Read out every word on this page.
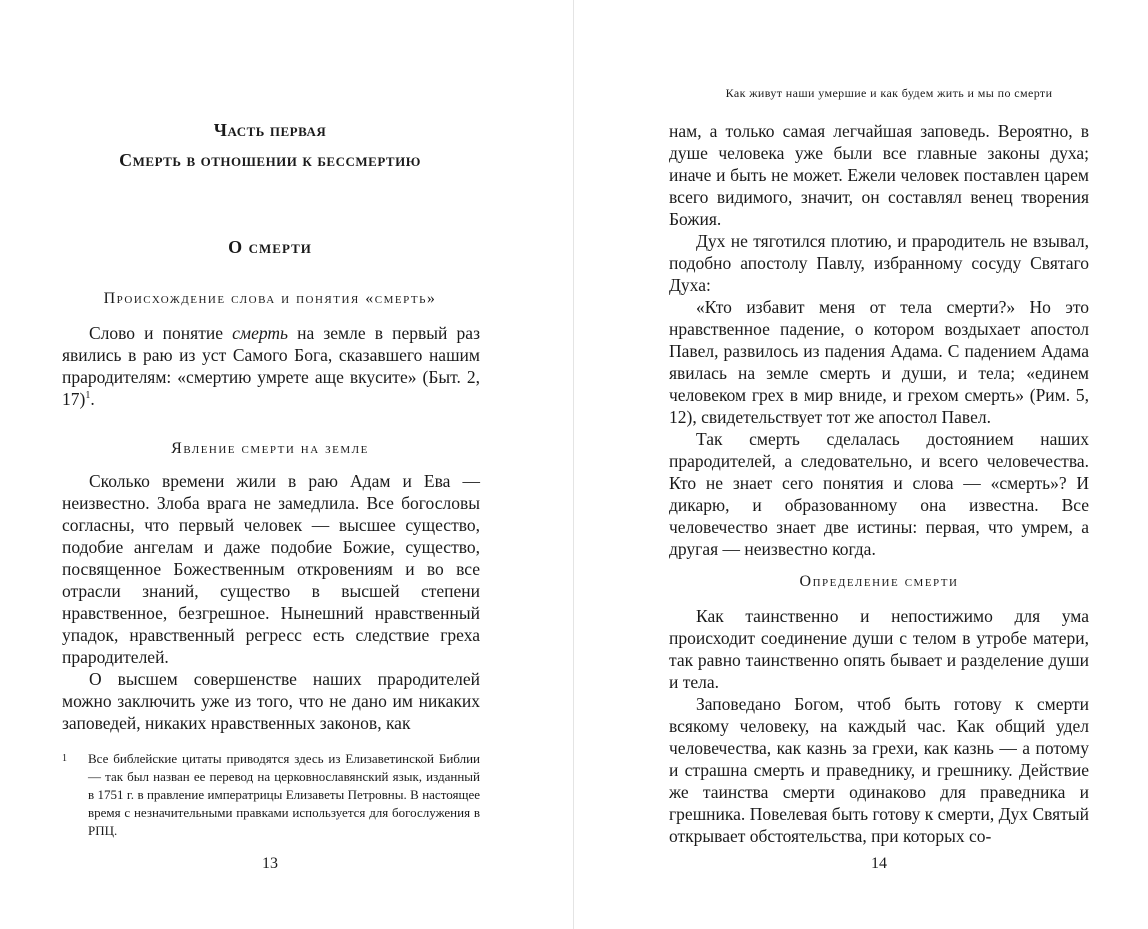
Часть первая
Смерть в отношении к бессмертию
О смерти
Происхождение слова и понятия «смерть»

Слово и понятие смерть на земле в первый раз явились в раю из уст Самого Бога, сказавшего нашим прародителям: «смертию умрете аще вкусите» (Быт. 2, 17)$^1$.

Явление смерти на земле

Сколько времени жили в раю Адам и Ева — неизвестно. Злоба врага не замедлила. Все богословы согласны, что первый человек — высшее существо, подобие ангелам и даже подобие Божие, существо, посвященное Божественным откровениям и во все отрасли знаний, существо в высшей степени нравственное, безгрешное. Нынешний нравственный упадок, нравственный регресс есть следствие греха прародителей.

О высшем совершенстве наших прародителей можно заключить уже из того, что не дано им никаких заповедей, никаких нравственных законов, как

1 Все библейские цитаты приводятся здесь из Елизаветинской Библии — так был назван ее перевод на церковнославянский язык, изданный в 1751 г. в правление императрицы Елизаветы Петровны. В настоящее время с незначительными правками используется для богослужения в РПЦ.
13
Как живут наши умершие и как будем жить и мы по смерти

нам, а только самая легчайшая заповедь. Вероятно, в душе человека уже были все главные законы духа; иначе и быть не может. Ежели человек поставлен царем всего видимого, значит, он составлял венец творения Божия.

Дух не тяготился плотию, и прародитель не взывал, подобно апостолу Павлу, избранному сосуду Святаго Духа:

«Кто избавит меня от тела смерти?» Но это нравственное падение, о котором воздыхает апостол Павел, развилось из падения Адама. С падением Адама явилась на земле смерть и души, и тела; «единем человеком грех в мир вниде, и грехом смерть» (Рим. 5, 12), свидетельствует тот же апостол Павел.

Так смерть сделалась достоянием наших прародителей, а следовательно, и всего человечества. Кто не знает сего понятия и слова — «смерть»? И дикарю, и образованному она известна. Все человечество знает две истины: первая, что умрем, а другая — неизвестно когда.

Определение смерти

Как таинственно и непостижимо для ума происходит соединение души с телом в утробе матери, так равно таинственно опять бывает и разделение души и тела.

Заповедано Богом, чтоб быть готову к смерти всякому человеку, на каждый час. Как общий удел человечества, как казнь за грехи, как казнь — а потому и страшна смерть и праведнику, и грешнику. Действие же таинства смерти одинаково для праведника и грешника. Повелевая быть готову к смерти, Дух Святый открывает обстоятельства, при которых со-

14
